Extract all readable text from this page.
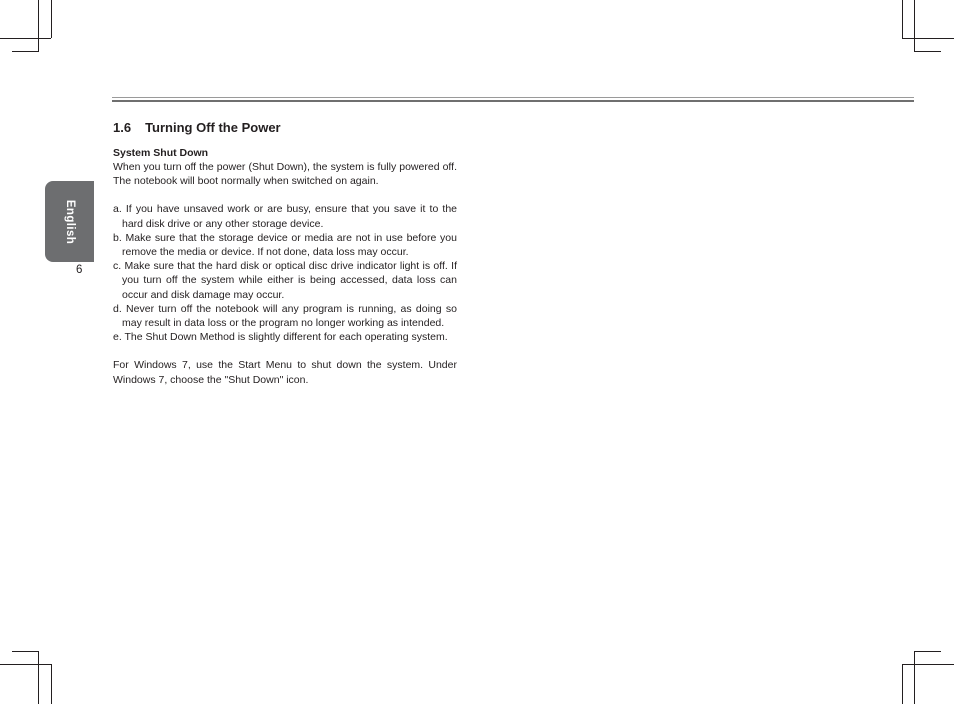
English
6
1.6 Turning Off the Power
System Shut Down

When you turn off the power (Shut Down), the system is fully powered off. The notebook will boot normally when switched on again.

a. If you have unsaved work or are busy, ensure that you save it to the hard disk drive or any other storage device.
b. Make sure that the storage device or media are not in use before you remove the media or device. If not done, data loss may occur.
c. Make sure that the hard disk or optical disc drive indicator light is off. If you turn off the system while either is being accessed, data loss can occur and disk damage may occur.
d. Never turn off the notebook will any program is running, as doing so may result in data loss or the program no longer working as intended.
e. The Shut Down Method is slightly different for each operating system.

For Windows 7, use the Start Menu to shut down the system. Under Windows 7, choose the "Shut Down" icon.
